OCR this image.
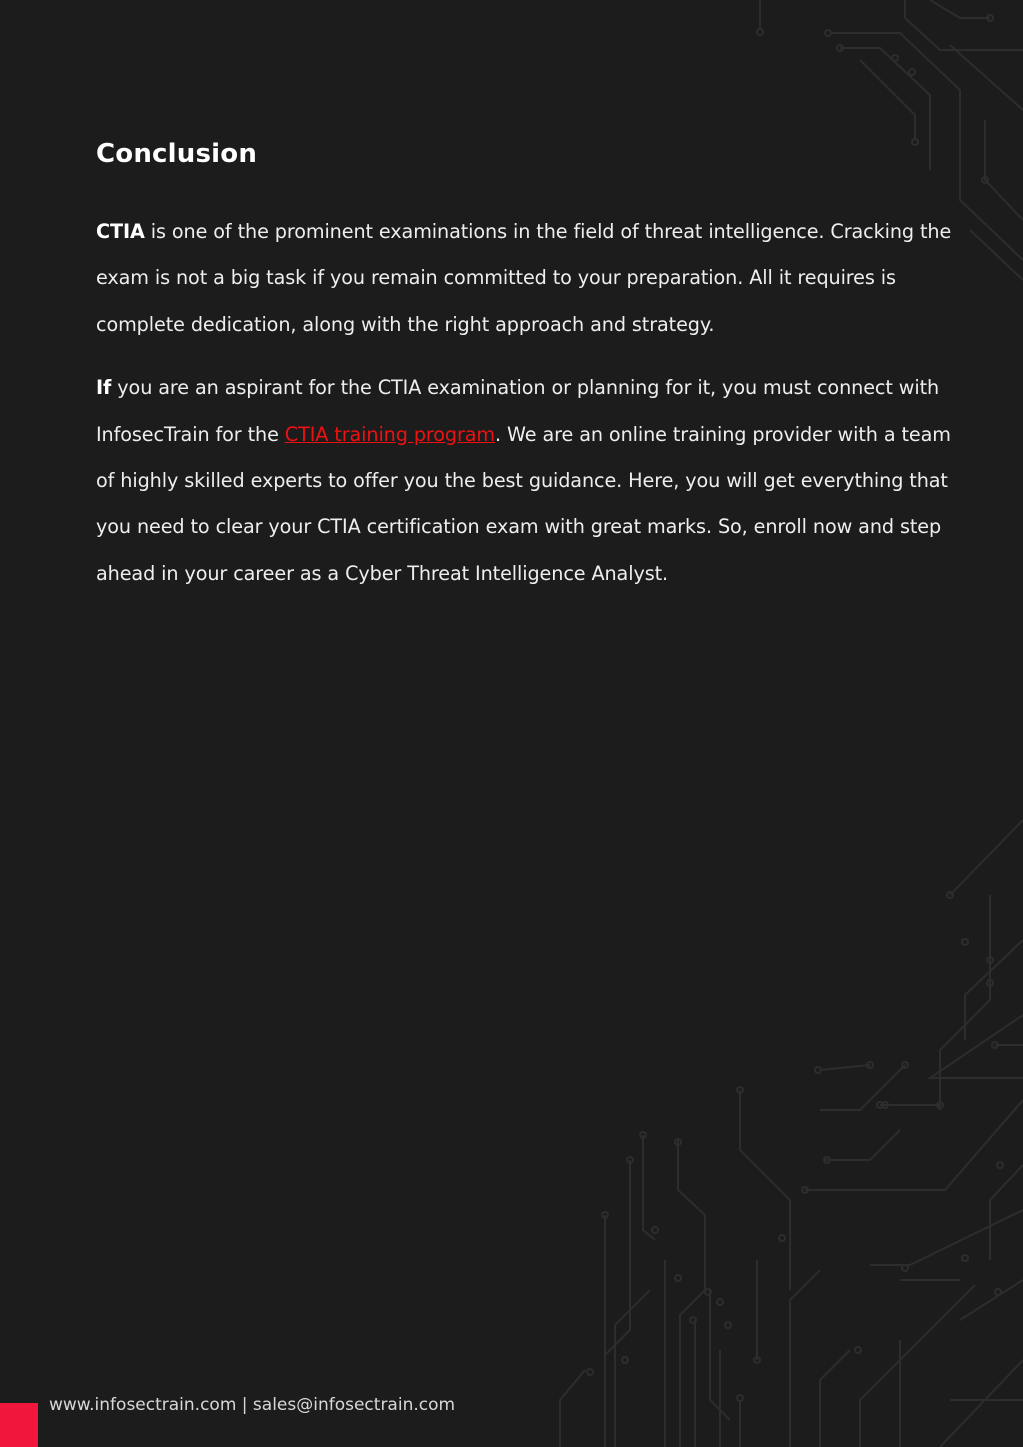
Conclusion

CTIA is one of the prominent examinations in the field of threat intelligence. Cracking the exam is not a big task if you remain committed to your preparation. All it requires is complete dedication, along with the right approach and strategy.

If you are an aspirant for the CTIA examination or planning for it, you must connect with InfosecTrain for the CTIA training program. We are an online training provider with a team of highly skilled experts to offer you the best guidance. Here, you will get everything that you need to clear your CTIA certification exam with great marks. So, enroll now and step ahead in your career as a Cyber Threat Intelligence Analyst.

www.infosectrain.com | sales@infosectrain.com
